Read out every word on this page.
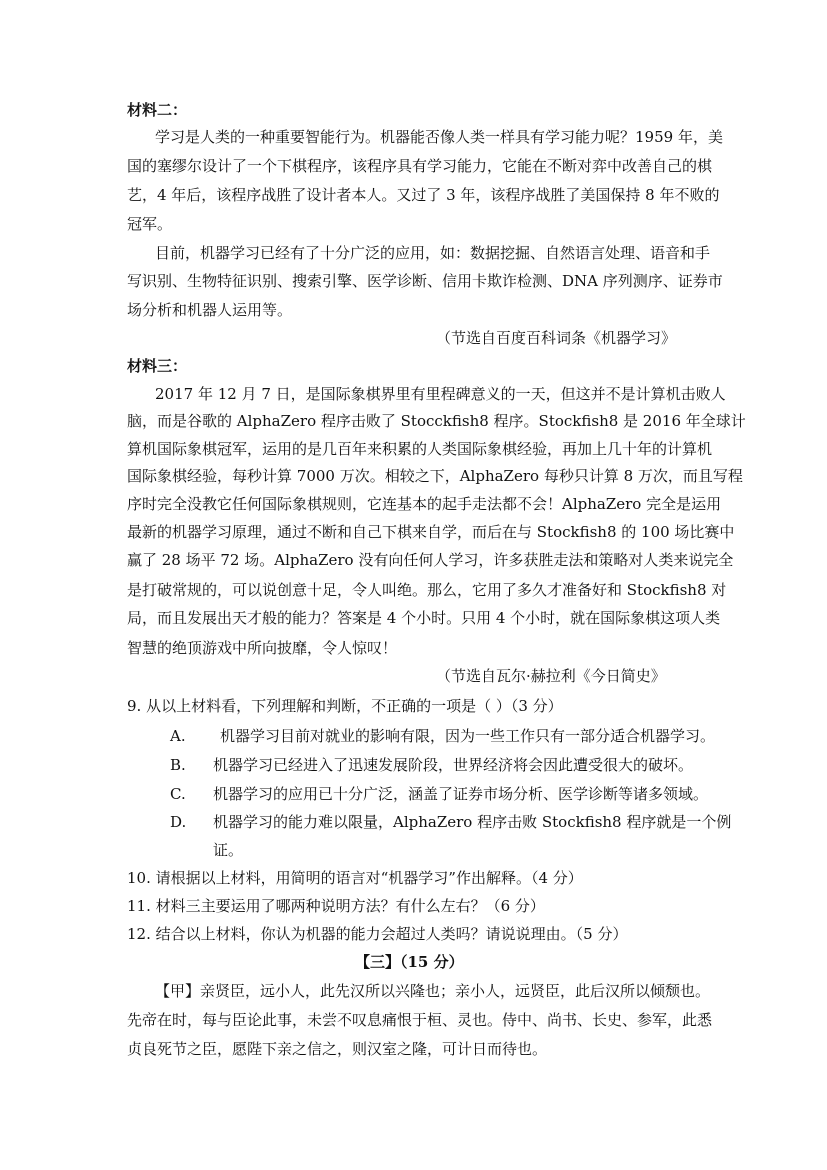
材料二：
学习是人类的一种重要智能行为。机器能否像人类一样具有学习能力呢？1959 年，美
国的塞缪尔设计了一个下棋程序，该程序具有学习能力，它能在不断对弈中改善自己的棋
艺，4 年后，该程序战胜了设计者本人。又过了 3 年，该程序战胜了美国保持 8 年不败的
冠军。
目前，机器学习已经有了十分广泛的应用，如：数据挖掘、自然语言处理、语音和手
写识别、生物特征识别、搜索引擎、医学诊断、信用卡欺诈检测、DNA 序列测序、证券市
场分析和机器人运用等。
（节选自百度百科词条《机器学习》
材料三：
2017 年 12 月 7 日，是国际象棋界里有里程碑意义的一天，但这并不是计算机击败人
脑，而是谷歌的 AlphaZero 程序击败了 Stocckfish8 程序。Stockfish8 是 2016 年全球计
算机国际象棋冠军，运用的是几百年来积累的人类国际象棋经验，再加上几十年的计算机
国际象棋经验，每秒计算 7000 万次。相较之下，AlphaZero 每秒只计算 8 万次，而且写程
序时完全没教它任何国际象棋规则，它连基本的起手走法都不会！AlphaZero 完全是运用
最新的机器学习原理，通过不断和自己下棋来自学，而后在与 Stockfish8 的 100 场比赛中
赢了 28 场平 72 场。AlphaZero 没有向任何人学习，许多获胜走法和策略对人类来说完全
是打破常规的，可以说创意十足，令人叫绝。那么，它用了多久才准备好和 Stockfish8 对
局，而且发展出天才般的能力？答案是 4 个小时。只用 4 个小时，就在国际象棋这项人类
智慧的绝顶游戏中所向披靡，令人惊叹！
（节选自瓦尔·赫拉利《今日简史》
9. 从以上材料看，下列理解和判断，不正确的一项是（ ）（3 分）
A. 机器学习目前对就业的影响有限，因为一些工作只有一部分适合机器学习。
B. 机器学习已经进入了迅速发展阶段，世界经济将会因此遭受很大的破坏。
C. 机器学习的应用已十分广泛，涵盖了证券市场分析、医学诊断等诸多领域。
D. 机器学习的能力难以限量，AlphaZero 程序击败 Stockfish8 程序就是一个例
证。
10. 请根据以上材料，用简明的语言对“机器学习”作出解释。（4 分）
11. 材料三主要运用了哪两种说明方法？有什么左右？（6 分）
12. 结合以上材料，你认为机器的能力会超过人类吗？请说说理由。（5 分）
【三】（15 分）
【甲】亲贤臣，远小人，此先汉所以兴隆也；亲小人，远贤臣，此后汉所以倾颓也。
先帝在时，每与臣论此事，未尝不叹息痛恨于桓、灵也。侍中、尚书、长史、参军，此悉
贞良死节之臣，愿陛下亲之信之，则汉室之隆，可计日而待也。
